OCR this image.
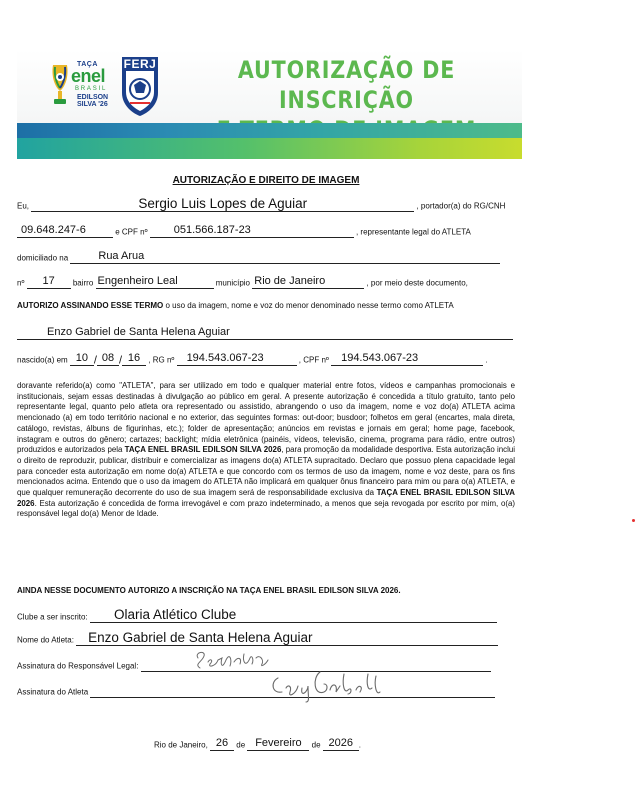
TAÇA
enel
BRASIL
EDILSON
SILVA '26
FERJ	AUTORIZAÇÃO DE INSCRIÇÃO
AUTORIZAÇÃO E DIREITO DE IMAGEM
Eu,	Sergio Luis Lopes de Aguiar	, portador(a) do RG/CNH
09.648.247-6	e CPF nº 051.566.187-23	, representante legal do ATLETA
domiciliado na	Rua Arua
nº	17	bairro Engenheiro Leal	município Rio de Janeiro	, por meio deste documento,
AUTORIZO ASSINANDO ESSE TERMO o uso da imagem, nome e voz do menor denominado nesse termo como ATLETA
Enzo Gabriel de Santa Helena Aguiar
nascido(a) em 10 / 08 / 16	, RG nº 194.543.067-23	, CPF nº 194.543.067-23	.
doravante referido(a) como "ATLETA", para ser utilizado em todo e qualquer material entre fotos, vídeos e campanhas promocionais e institucionais, sejam essas destinadas à divulgação ao público em geral. A presente autorização é concedida a título gratuito, tanto pelo representante legal, quanto pelo atleta ora representado ou assistido, abrangendo o uso da imagem, nome e voz do(a) ATLETA acima mencionado (a) em todo território nacional e no exterior, das seguintes formas: out-door; busdoor; folhetos em geral (encartes, mala direta, catálogo, revistas, álbuns de figurinhas, etc.); folder de apresentação; anúncios em revistas e jornais em geral; home page, facebook, instagram e outros do gênero; cartazes; backlight; mídia eletrônica (painéis, vídeos, televisão, cinema, programa para rádio, entre outros) produzidos e autorizados pela TAÇA ENEL BRASIL EDILSON SILVA 2026, para promoção da modalidade desportiva. Esta autorização inclui o direito de reproduzir, publicar, distribuir e comercializar as imagens do(a) ATLETA supracitado. Declaro que possuo plena capacidade legal para conceder esta autorização em nome do(a) ATLETA e que concordo com os termos de uso da imagem, nome e voz deste, para os fins mencionados acima. Entendo que o uso da imagem do ATLETA não implicará em qualquer ônus financeiro para mim ou para o(a) ATLETA, e que qualquer remuneração decorrente do uso de sua imagem será de responsabilidade exclusiva da TAÇA ENEL BRASIL EDILSON SILVA 2026. Esta autorização é concedida de forma irrevogável e com prazo indeterminado, a menos que seja revogada por escrito por mim, o(a) responsável legal do(a) Menor de Idade.
AINDA NESSE DOCUMENTO AUTORIZO A INSCRIÇÃO NA TAÇA ENEL BRASIL EDILSON SILVA 2026.
Clube a ser inscrito: Olaria Atlético Clube
Nome do Atleta: Enzo Gabriel de Santa Helena Aguiar
Assinatura do Responsável Legal:
Assinatura do Atleta
Rio de Janeiro, 26	de Fevereiro	de 2026 .
